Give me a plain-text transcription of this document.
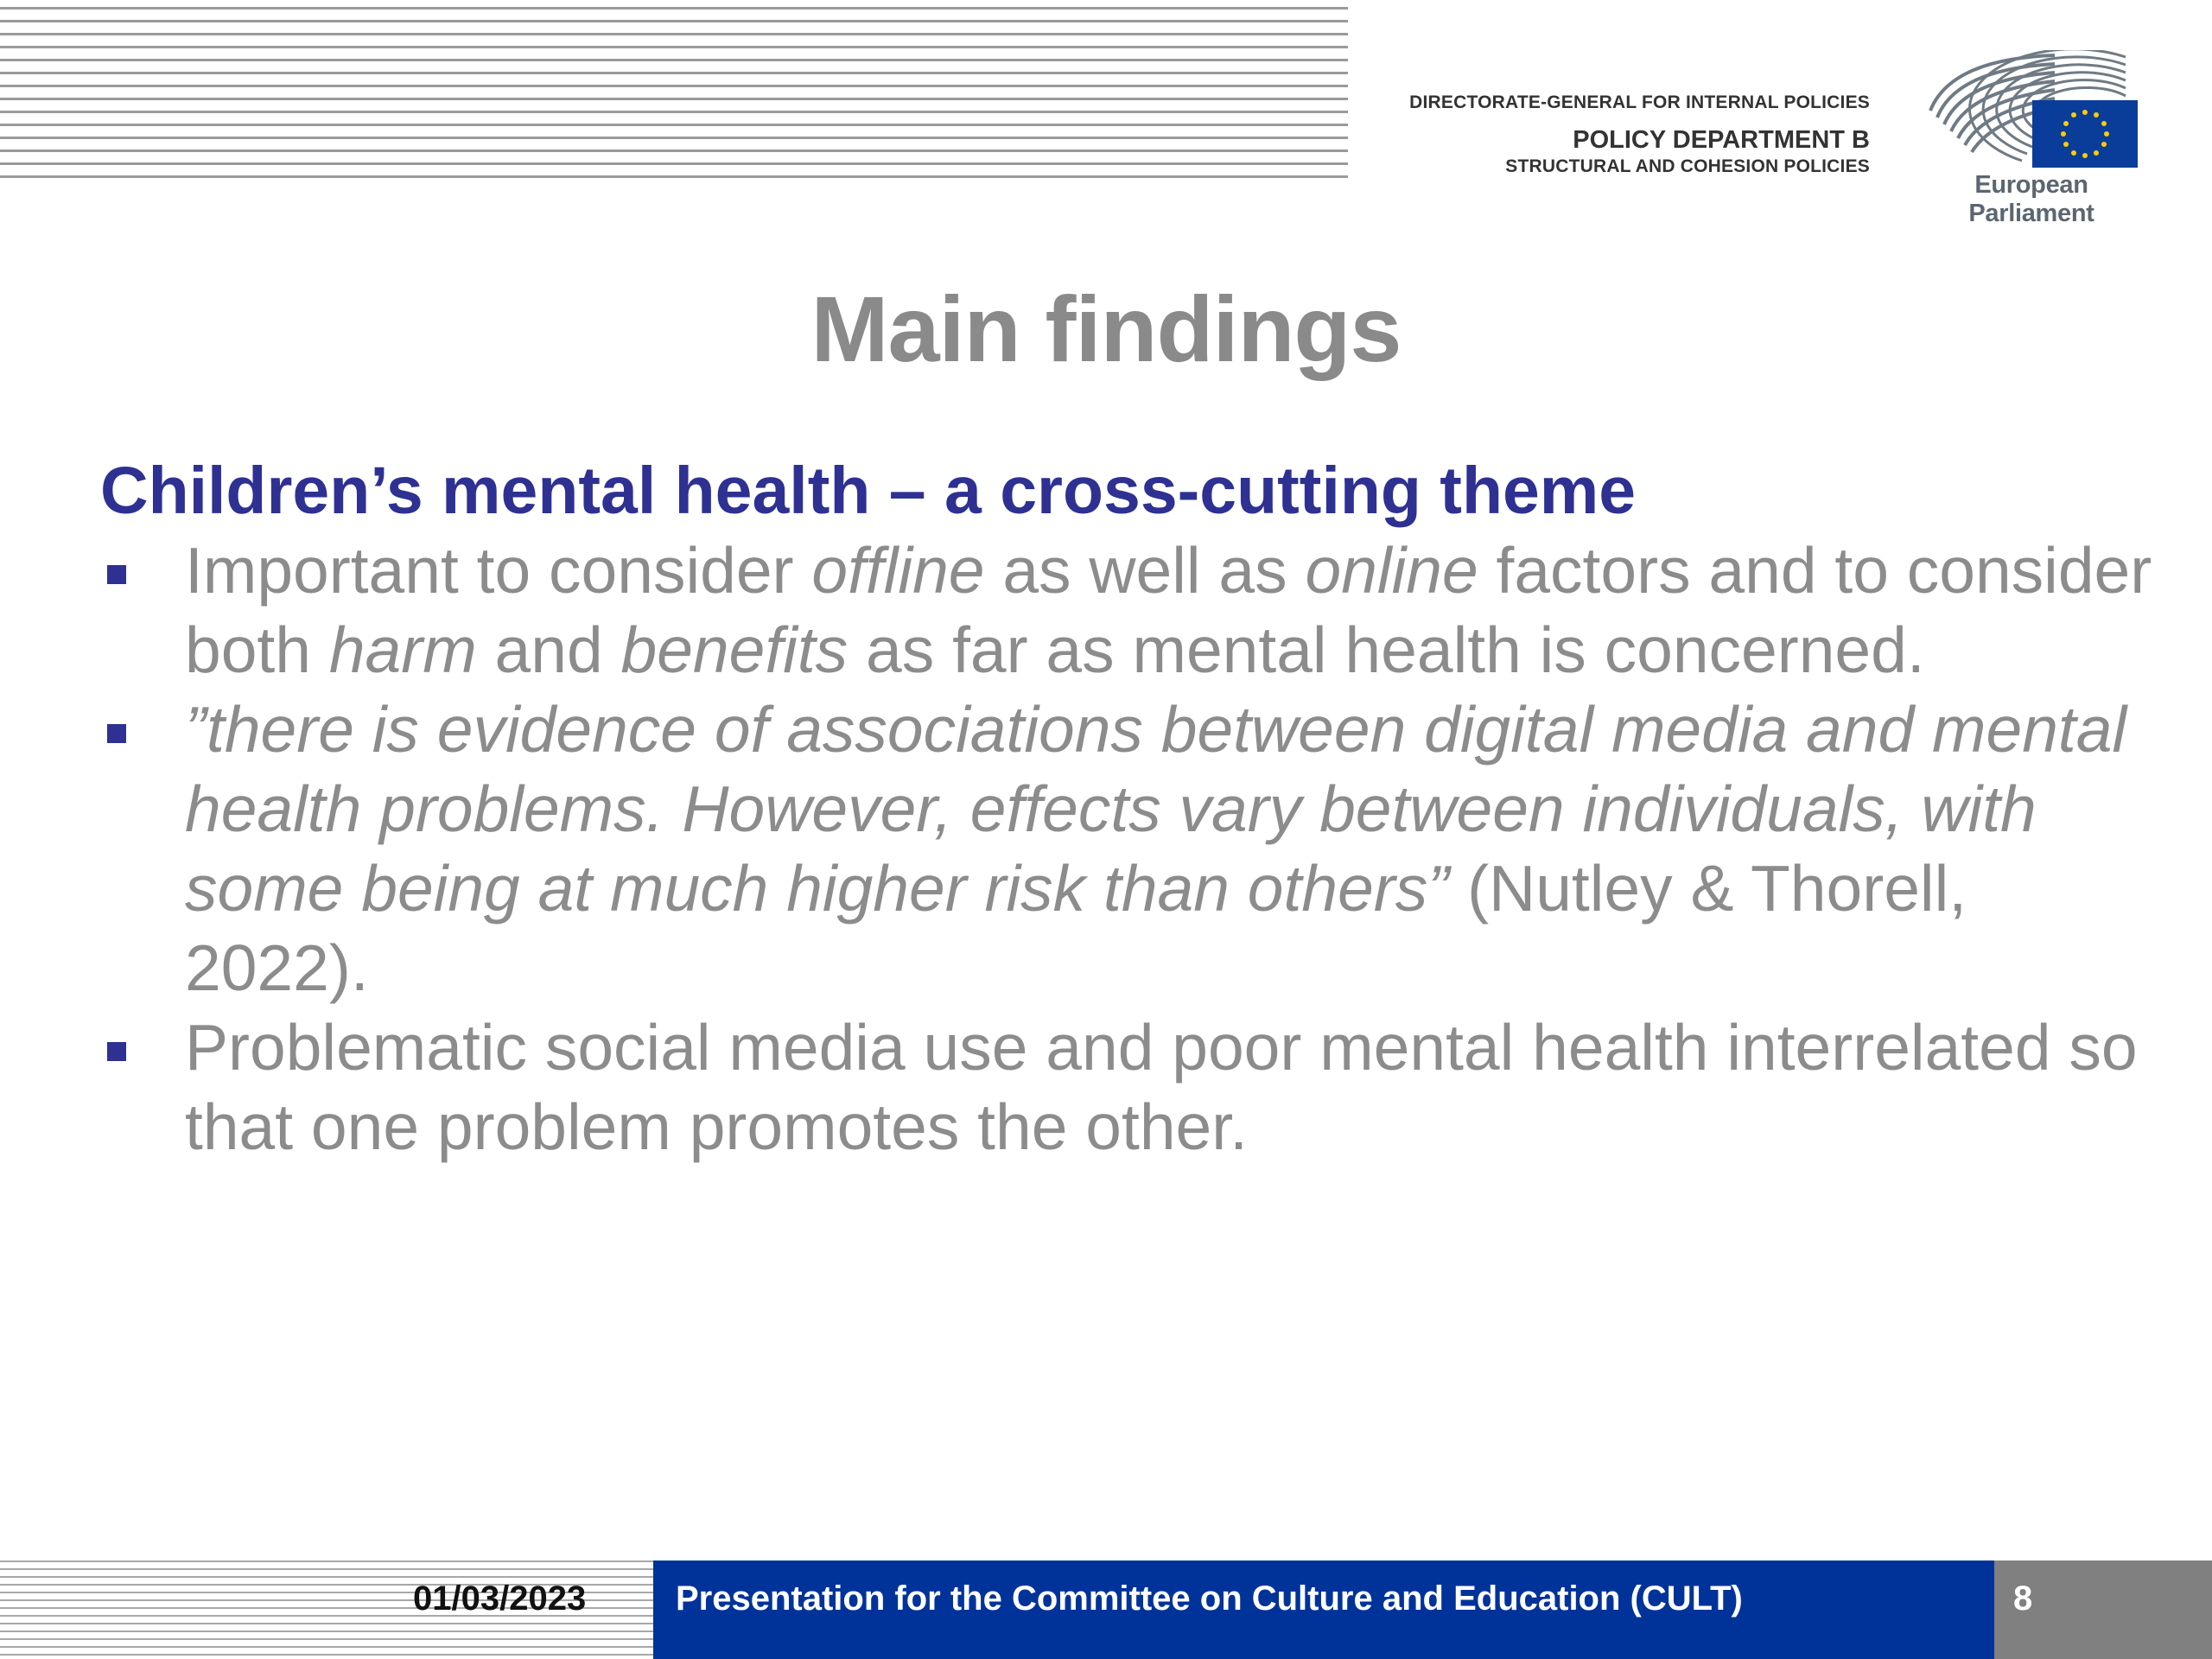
DIRECTORATE-GENERAL FOR INTERNAL POLICIES
POLICY DEPARTMENT B
STRUCTURAL AND COHESION POLICIES
European Parliament
Main findings
Children’s mental health – a cross-cutting theme
Important to consider offline as well as online factors and to consider both harm and benefits as far as mental health is concerned.
”there is evidence of associations between digital media and mental health problems. However, effects vary between individuals, with some being at much higher risk than others” (Nutley & Thorell, 2022).
Problematic social media use and poor mental health interrelated so that one problem promotes the other.
01/03/2023	Presentation for the Committee on Culture and Education (CULT)	8
